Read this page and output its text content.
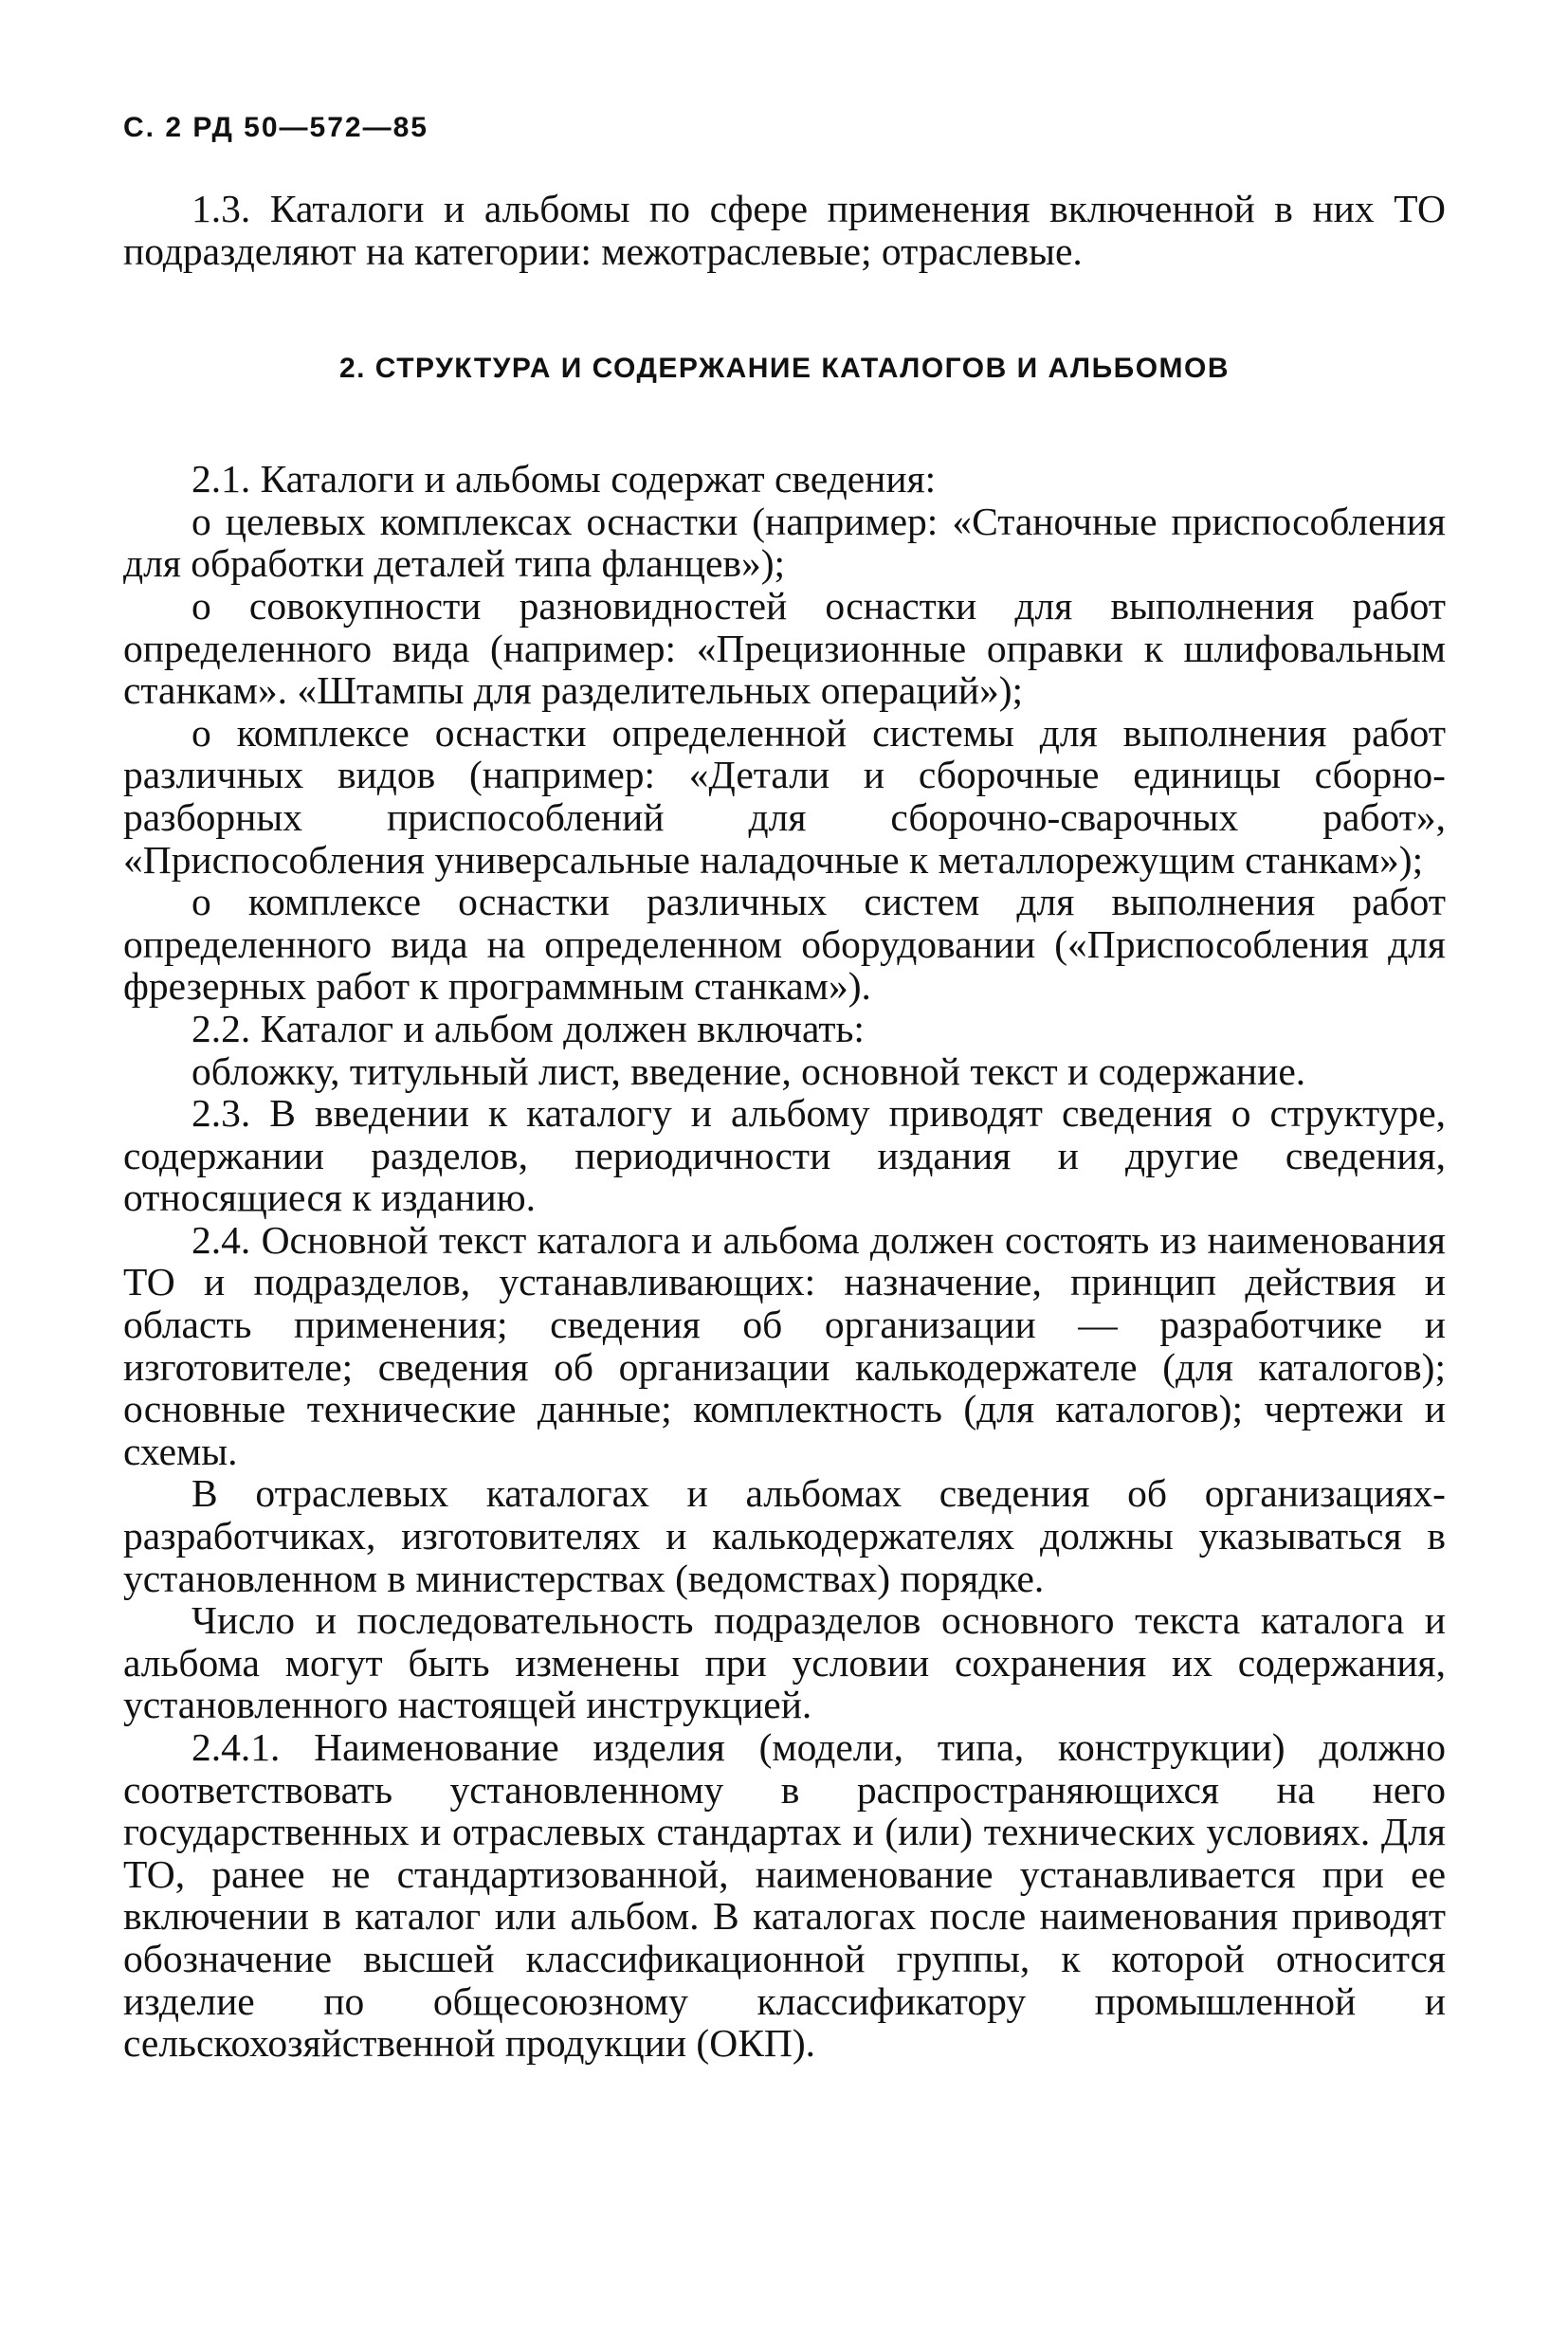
С. 2 РД 50—572—85

1.3. Каталоги и альбомы по сфере применения включенной в них ТО подразделяют на категории: межотраслевые; отраслевые.

2. СТРУКТУРА И СОДЕРЖАНИЕ КАТАЛОГОВ И АЛЬБОМОВ

2.1. Каталоги и альбомы содержат сведения:

о целевых комплексах оснастки (например: «Станочные приспособления для обработки деталей типа фланцев»);

о совокупности разновидностей оснастки для выполнения работ определенного вида (например: «Прецизионные оправки к шлифовальным станкам». «Штампы для разделительных операций»);

о комплексе оснастки определенной системы для выполнения работ различных видов (например: «Детали и сборочные единицы сборно-разборных приспособлений для сборочно-сварочных работ», «Приспособления универсальные наладочные к металлорежущим станкам»);

о комплексе оснастки различных систем для выполнения работ определенного вида на определенном оборудовании («Приспособления для фрезерных работ к программным станкам»).

2.2. Каталог и альбом должен включать:

обложку, титульный лист, введение, основной текст и содержание.

2.3. В введении к каталогу и альбому приводят сведения о структуре, содержании разделов, периодичности издания и другие сведения, относящиеся к изданию.

2.4. Основной текст каталога и альбома должен состоять из наименования ТО и подразделов, устанавливающих: назначение, принцип действия и область применения; сведения об организации — разработчике и изготовителе; сведения об организации калькодержателе (для каталогов); основные технические данные; комплектность (для каталогов); чертежи и схемы.

В отраслевых каталогах и альбомах сведения об организациях-разработчиках, изготовителях и калькодержателях должны указываться в установленном в министерствах (ведомствах) порядке.

Число и последовательность подразделов основного текста каталога и альбома могут быть изменены при условии сохранения их содержания, установленного настоящей инструкцией.

2.4.1. Наименование изделия (модели, типа, конструкции) должно соответствовать установленному в распространяющихся на него государственных и отраслевых стандартах и (или) технических условиях. Для ТО, ранее не стандартизованной, наименование устанавливается при ее включении в каталог или альбом. В каталогах после наименования приводят обозначение высшей классификационной группы, к которой относится изделие по общесоюзному классификатору промышленной и сельскохозяйственной продукции (ОКП).
